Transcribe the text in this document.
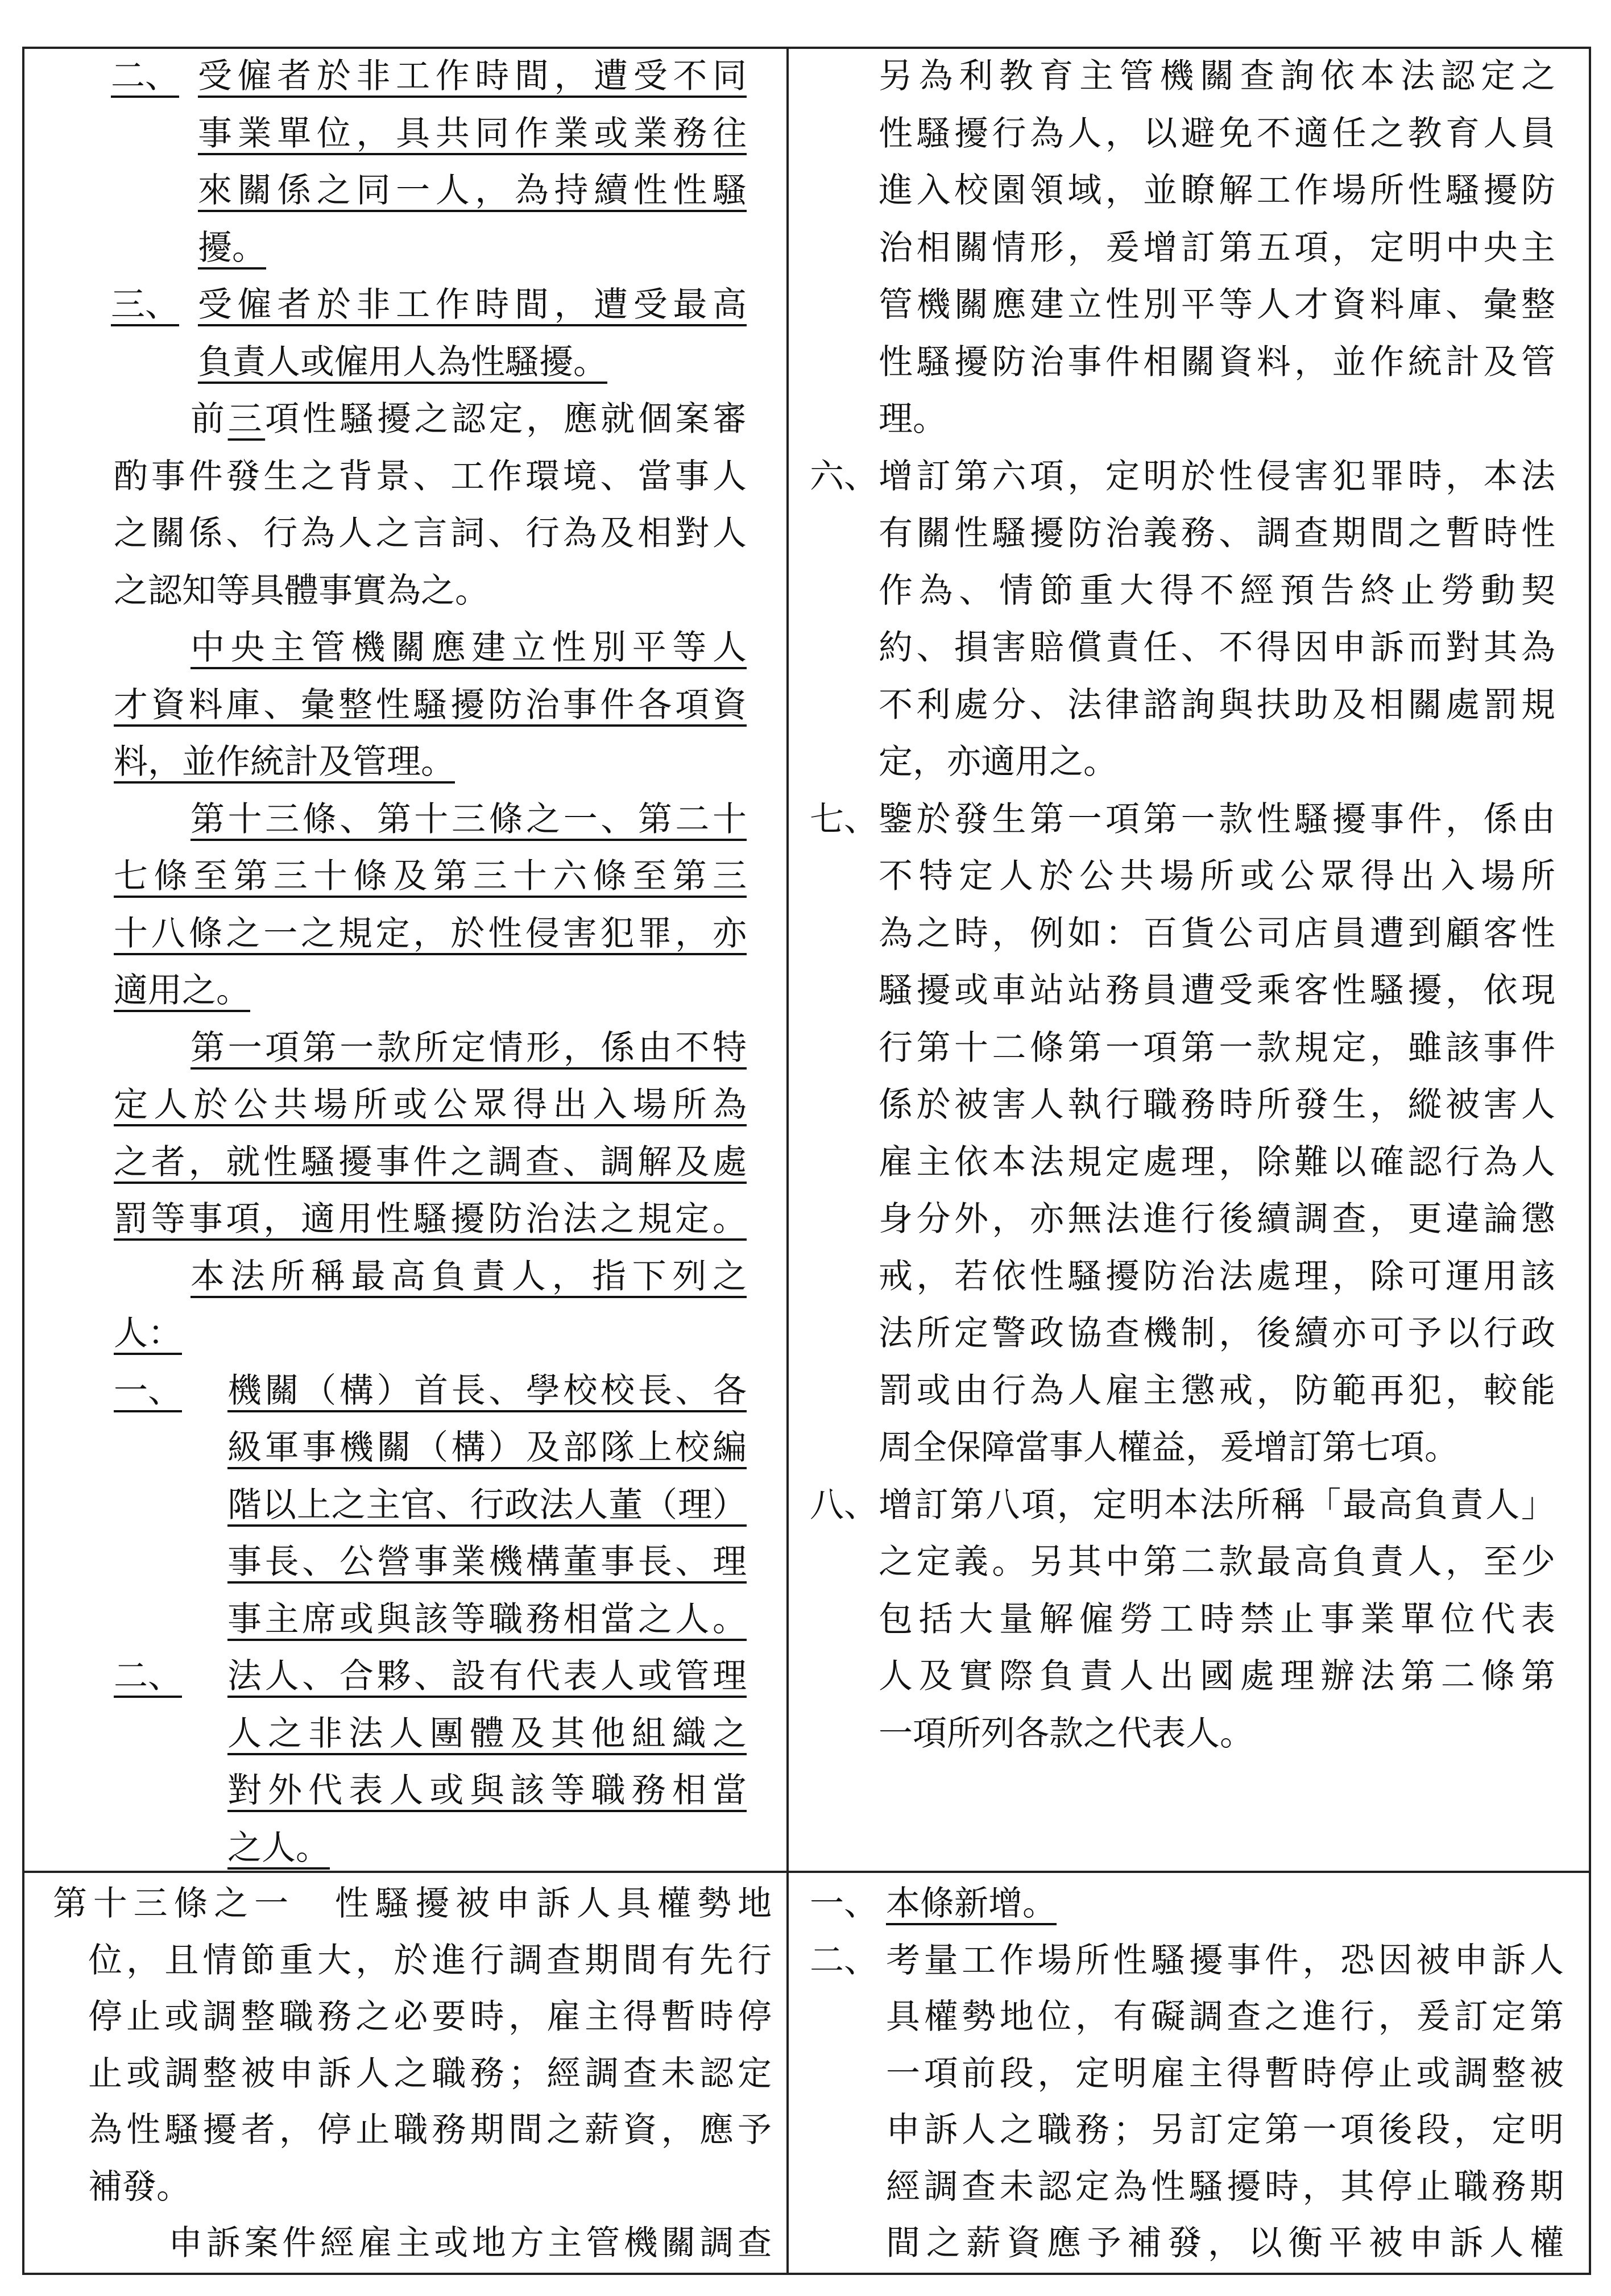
二、 受僱者於非工作時間，遭受不同
事業單位，具共同作業或業務往
來關係之同一人，為持續性性騷
擾。
三、 受僱者於非工作時間，遭受最高
負責人或僱用人為性騷擾。
前三項性騷擾之認定，應就個案審
酌事件發生之背景、工作環境、當事人
之關係、行為人之言詞、行為及相對人
之認知等具體事實為之。
中央主管機關應建立性別平等人
才資料庫、彙整性騷擾防治事件各項資
料，並作統計及管理。
第十三條、第十三條之一、第二十
七條至第三十條及第三十六條至第三
十八條之一之規定，於性侵害犯罪，亦
適用之。
第一項第一款所定情形，係由不特
定人於公共場所或公眾得出入場所為
之者，就性騷擾事件之調查、調解及處
罰等事項，適用性騷擾防治法之規定。
本法所稱最高負責人，指下列之
人：
一、 機關（構）首長、學校校長、各
級軍事機關（構）及部隊上校編
階以上之主官、行政法人董（理）
事長、公營事業機構董事長、理
事主席或與該等職務相當之人。
二、 法人、合夥、設有代表人或管理
人之非法人團體及其他組織之
對外代表人或與該等職務相當
之人。
另為利教育主管機關查詢依本法認定之
性騷擾行為人，以避免不適任之教育人員
進入校園領域，並瞭解工作場所性騷擾防
治相關情形，爰增訂第五項，定明中央主
管機關應建立性別平等人才資料庫、彙整
性騷擾防治事件相關資料，並作統計及管
理。
六、 增訂第六項，定明於性侵害犯罪時，本法
有關性騷擾防治義務、調查期間之暫時性
作為、情節重大得不經預告終止勞動契
約、損害賠償責任、不得因申訴而對其為
不利處分、法律諮詢與扶助及相關處罰規
定，亦適用之。
七、 鑒於發生第一項第一款性騷擾事件，係由
不特定人於公共場所或公眾得出入場所
為之時，例如：百貨公司店員遭到顧客性
騷擾或車站站務員遭受乘客性騷擾，依現
行第十二條第一項第一款規定，雖該事件
係於被害人執行職務時所發生，縱被害人
雇主依本法規定處理，除難以確認行為人
身分外，亦無法進行後續調查，更違論懲
戒，若依性騷擾防治法處理，除可運用該
法所定警政協查機制，後續亦可予以行政
罰或由行為人雇主懲戒，防範再犯，較能
周全保障當事人權益，爰增訂第七項。
八、 增訂第八項，定明本法所稱「最高負責人」
之定義。另其中第二款最高負責人，至少
包括大量解僱勞工時禁止事業單位代表
人及實際負責人出國處理辦法第二條第
一項所列各款之代表人。
第十三條之一　性騷擾被申訴人具權勢地
位，且情節重大，於進行調查期間有先行
停止或調整職務之必要時，雇主得暫時停
止或調整被申訴人之職務；經調查未認定
為性騷擾者，停止職務期間之薪資，應予
補發。
申訴案件經雇主或地方主管機關調查
一、 本條新增。
二、 考量工作場所性騷擾事件，恐因被申訴人
具權勢地位，有礙調查之進行，爰訂定第
一項前段，定明雇主得暫時停止或調整被
申訴人之職務；另訂定第一項後段，定明
經調查未認定為性騷擾時，其停止職務期
間之薪資應予補發，以衡平被申訴人權
